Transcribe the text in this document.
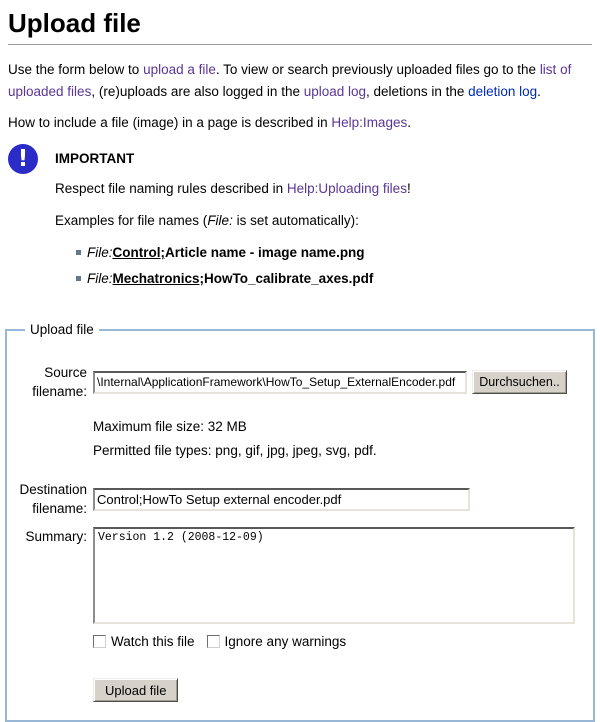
Upload file

Use the form below to upload a file. To view or search previously uploaded files go to the list of
uploaded files, (re)uploads are also logged in the upload log, deletions in the deletion log.

How to include a file (image) in a page is described in Help:Images.

!	IMPORTANT

Respect file naming rules described in Help:Uploading files!

Examples for file names (File: is set automatically):

File:Control;Article name - image name.png
File:Mechatronics;HowTo_calibrate_axes.pdf
Upload file
Source
filename:
\Internal\ApplicationFramework\HowTo_Setup_ExternalEncoder.pdf
Durchsuchen..
Maximum file size: 32 MB
Permitted file types: png, gif, jpg, jpeg, svg, pdf.
Destination
filename:
Control;HowTo Setup external encoder.pdf
Summary:
Version 1.2 (2008-12-09)
Watch this file Ignore any warnings
Upload file
